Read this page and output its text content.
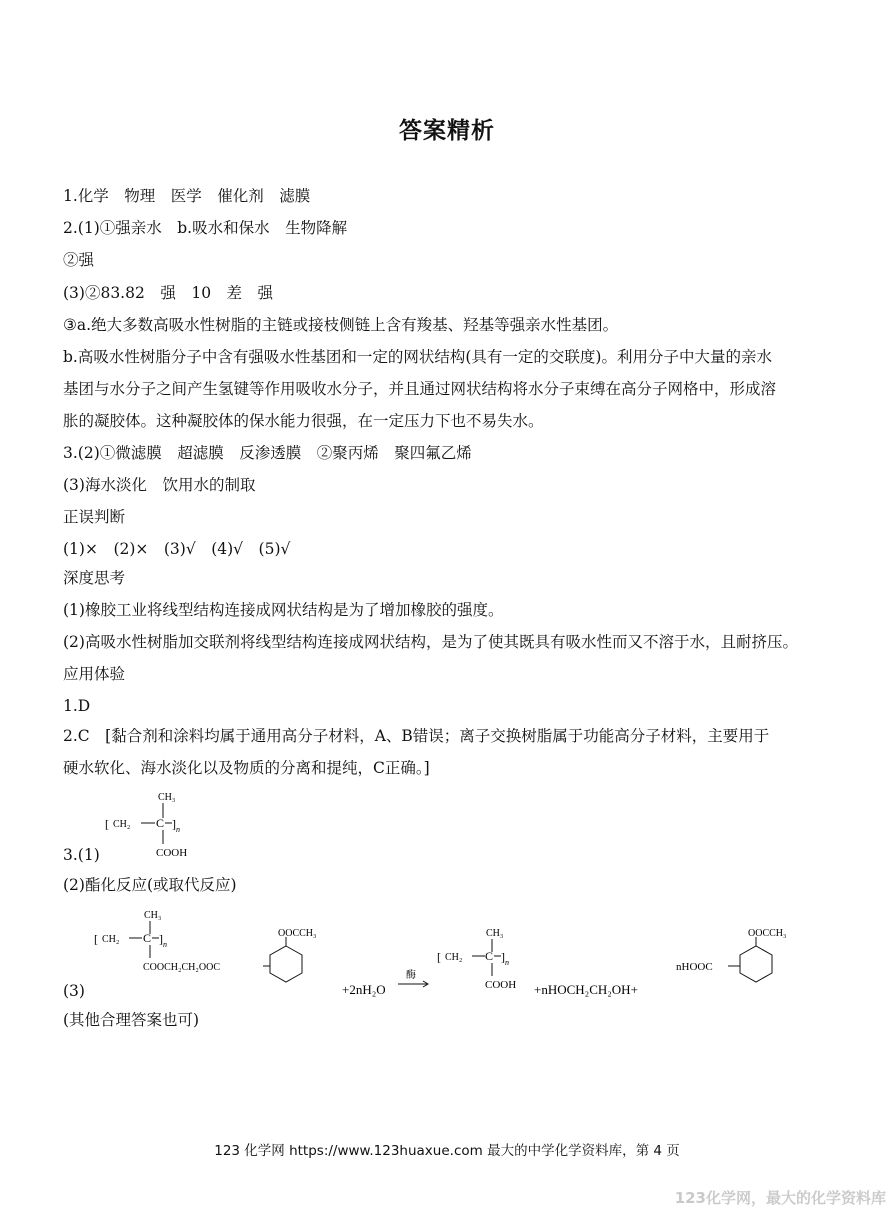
答案精析
1.化学　物理　医学　催化剂　滤膜
2.(1)①强亲水　b.吸水和保水　生物降解
②强
(3)②83.82　强　10　差　强
③a.绝大多数高吸水性树脂的主链或接枝侧链上含有羧基、羟基等强亲水性基团。
b.高吸水性树脂分子中含有强吸水性基团和一定的网状结构(具有一定的交联度)。利用分子中大量的亲水
基团与水分子之间产生氢键等作用吸收水分子，并且通过网状结构将水分子束缚在高分子网格中，形成溶
胀的凝胶体。这种凝胶体的保水能力很强，在一定压力下也不易失水。
3.(2)①微滤膜　超滤膜　反渗透膜　②聚丙烯　聚四氟乙烯
(3)海水淡化　饮用水的制取
正误判断
(1)×　(2)×　(3)√　(4)√　(5)√
深度思考
(1)橡胶工业将线型结构连接成网状结构是为了增加橡胶的强度。
(2)高吸水性树脂加交联剂将线型结构连接成网状结构，是为了使其既具有吸水性而又不溶于水，且耐挤压。
应用体验
1.D
2.C　[黏合剂和涂料均属于通用高分子材料，A、B错误；离子交换树脂属于功能高分子材料，主要用于
硬水软化、海水淡化以及物质的分离和提纯，C正确。]
3.(1)
CH₃
[ CH₂ C ] n
COOH
(2)酯化反应(或取代反应)
(3)
CH₃
[ CH₂ C ] n
COOCH₂CH₂OOC
OOCCH₃
+2nH₂O
酶
CH₃
[ CH₂ C ] n
COOH +nHOCH₂CH₂OH+
nHOOC
OOCCH₃
(其他合理答案也可)
123 化学网 https://www.123huaxue.com 最大的中学化学资料库，第 4 页
123化学网，最大的化学资料库
